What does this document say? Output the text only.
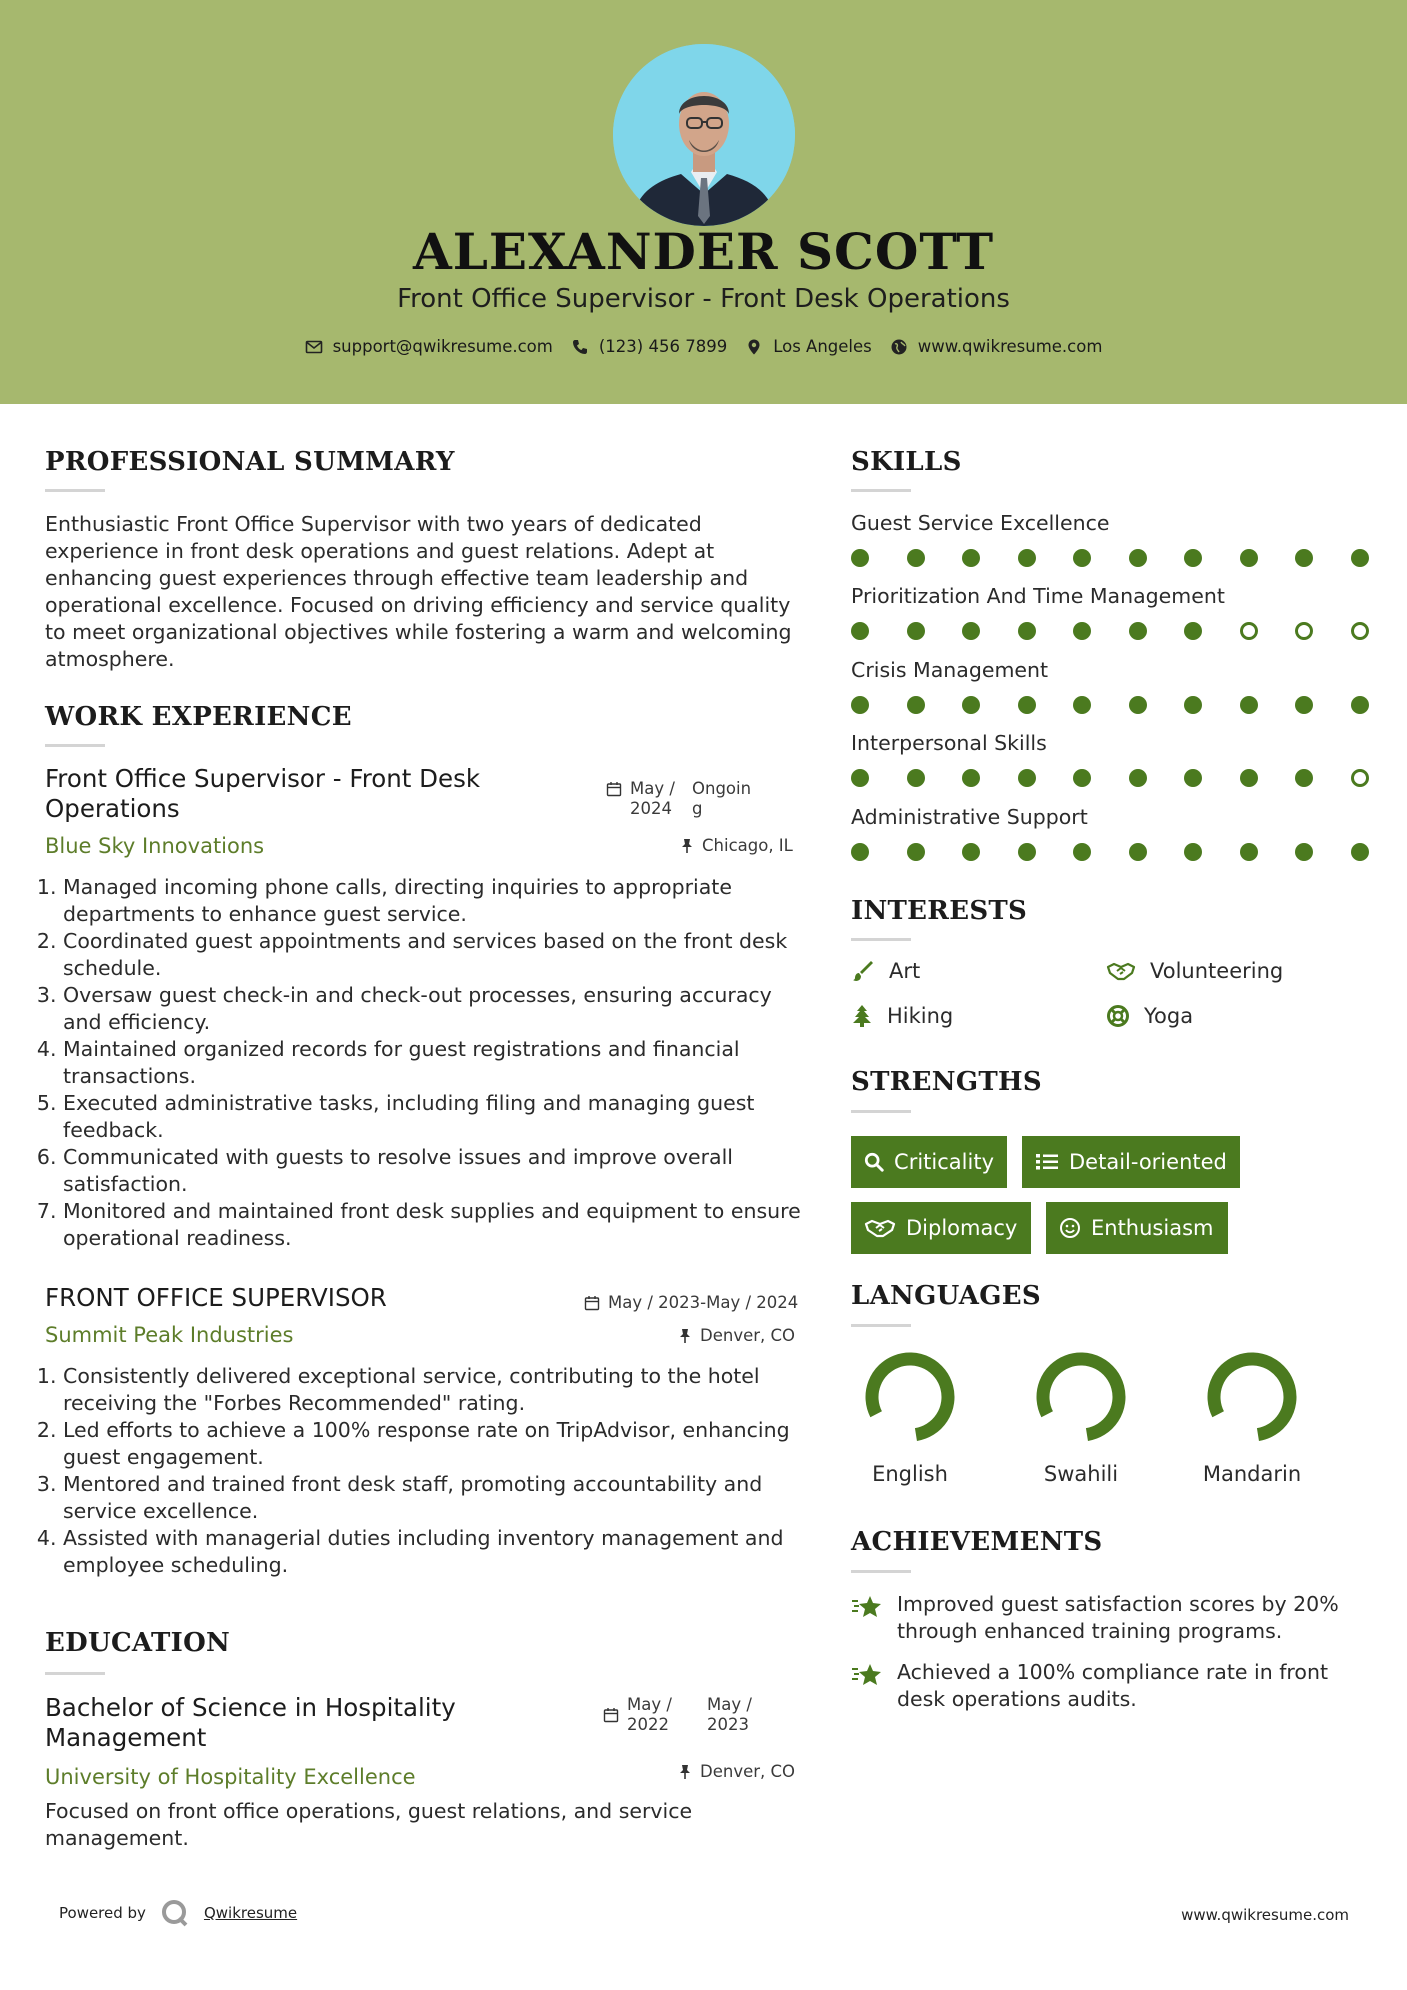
ALEXANDER SCOTT
Front Office Supervisor - Front Desk Operations
support@qwikresume.com	(123) 456 7899	Los Angeles	www.qwikresume.com
PROFESSIONAL SUMMARY
Enthusiastic Front Office Supervisor with two years of dedicated experience in front desk operations and guest relations. Adept at enhancing guest experiences through effective team leadership and operational excellence. Focused on driving efficiency and service quality to meet organizational objectives while fostering a warm and welcoming atmosphere.
WORK EXPERIENCE
Front Office Supervisor - Front Desk Operations
May / 2024
Ongoin g
Blue Sky Innovations	Chicago, IL
1. Managed incoming phone calls, directing inquiries to appropriate departments to enhance guest service.
2. Coordinated guest appointments and services based on the front desk schedule.
3. Oversaw guest check-in and check-out processes, ensuring accuracy and efficiency.
4. Maintained organized records for guest registrations and financial transactions.
5. Executed administrative tasks, including filing and managing guest feedback.
6. Communicated with guests to resolve issues and improve overall satisfaction.
7. Monitored and maintained front desk supplies and equipment to ensure operational readiness.
FRONT OFFICE SUPERVISOR	May / 2023-May / 2024
Summit Peak Industries	Denver, CO
1. Consistently delivered exceptional service, contributing to the hotel receiving the "Forbes Recommended" rating.
2. Led efforts to achieve a 100% response rate on TripAdvisor, enhancing guest engagement.
3. Mentored and trained front desk staff, promoting accountability and service excellence.
4. Assisted with managerial duties including inventory management and employee scheduling.
EDUCATION
Bachelor of Science in Hospitality Management
May / 2022
May / 2023
University of Hospitality Excellence	Denver, CO
Focused on front office operations, guest relations, and service management.
SKILLS
Guest Service Excellence
Prioritization And Time Management
Crisis Management
Interpersonal Skills
Administrative Support
INTERESTS
Art	Volunteering
Hiking	Yoga
STRENGTHS
Criticality	Detail-oriented
Diplomacy	Enthusiasm
LANGUAGES
English	Swahili	Mandarin
ACHIEVEMENTS
Improved guest satisfaction scores by 20% through enhanced training programs.
Achieved a 100% compliance rate in front desk operations audits.
Powered by	Qwikresume	www.qwikresume.com
